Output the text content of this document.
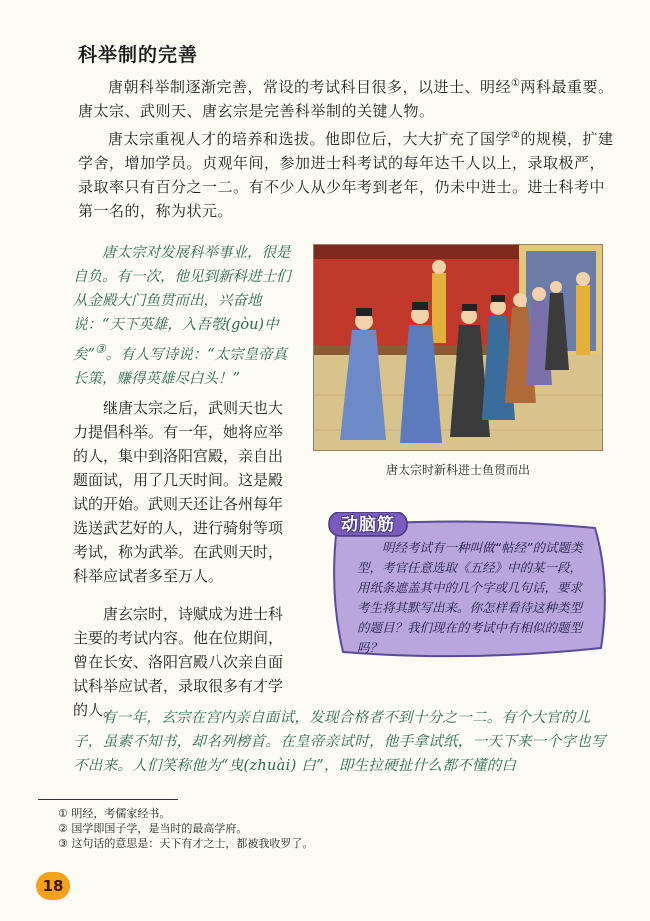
科举制的完善

唐朝科举制逐渐完善，常设的考试科目很多，以进士、明经①两科最重要。唐太宗、武则天、唐玄宗是完善科举制的关键人物。

唐太宗重视人才的培养和选拔。他即位后，大大扩充了国学②的规模，扩建学舍，增加学员。贞观年间，参加进士科考试的每年达千人以上，录取极严，录取率只有百分之一二。有不少人从少年考到老年，仍未中进士。进士科考中第一名的，称为状元。

唐太宗对发展科举事业，很是自负。有一次，他见到新科进士们从金殿大门鱼贯而出，兴奋地说：“天下英雄，入吾彀(gòu)中矣”③。有人写诗说：“太宗皇帝真长策，赚得英雄尽白头！”

唐太宗时新科进士鱼贯而出

继唐太宗之后，武则天也大力提倡科举。有一年，她将应举的人，集中到洛阳宫殿，亲自出题面试，用了几天时间。这是殿试的开始。武则天还让各州每年选送武艺好的人，进行骑射等项考试，称为武举。在武则天时，科举应试者多至万人。

唐玄宗时，诗赋成为进士科主要的考试内容。他在位期间，曾在长安、洛阳宫殿八次亲自面试科举应试者，录取很多有才学的人。

动脑筋

明经考试有一种叫做“帖经”的试题类型，考官任意选取《五经》中的某一段，用纸条遮盖其中的几个字或几句话，要求考生将其默写出来。你怎样看待这种类型的题目？我们现在的考试中有相似的题型吗？

有一年，玄宗在宫内亲自面试，发现合格者不到十分之一二。有个大官的儿子，虽素不知书，却名列榜首。在皇帝亲试时，他手拿试纸，一天下来一个字也写不出来。人们笑称他为“曳(zhuài) 白”，即生拉硬扯什么都不懂的白

① 明经，考儒家经书。
② 国学即国子学，是当时的最高学府。
③ 这句话的意思是：天下有才之士，都被我收罗了。
18
